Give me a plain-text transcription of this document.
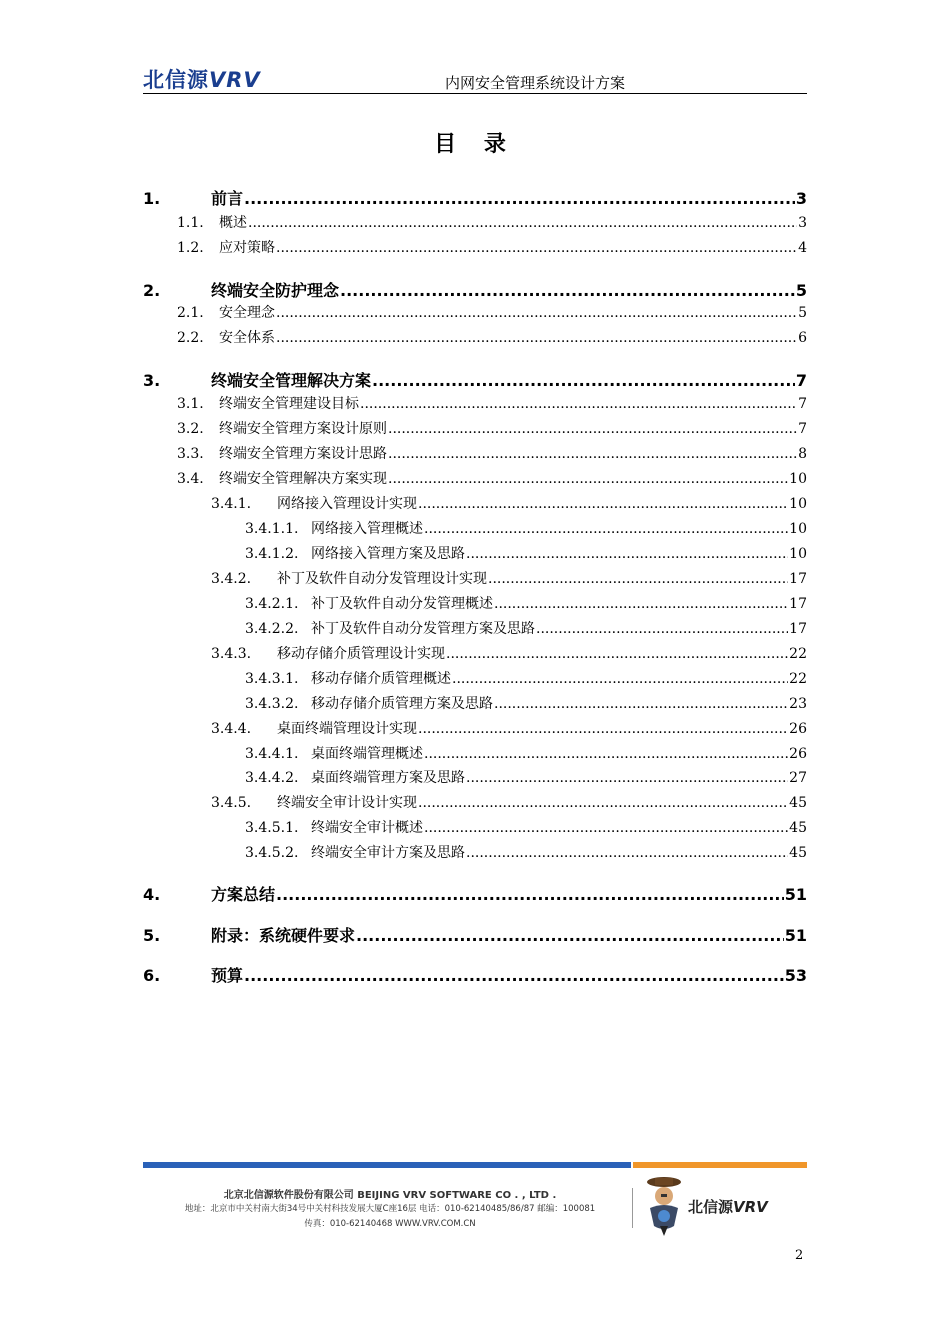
北信源VRV	内网安全管理系统设计方案
目 录
1.	前言 .....	3
1.1.	概述 .....	3
1.2.	应对策略 .....	4
2.	终端安全防护理念 .....	5
2.1.	安全理念 .....	5
2.2.	安全体系 .....	6
3.	终端安全管理解决方案 .....	7
3.1.	终端安全管理建设目标 .....	7
3.2.	终端安全管理方案设计原则 .....	7
3.3.	终端安全管理方案设计思路 .....	8
3.4.	终端安全管理解决方案实现 .....	10
3.4.1.	网络接入管理设计实现 .....	10
3.4.1.1. 网络接入管理概述 .....	10
3.4.1.2. 网络接入管理方案及思路 .....	10
3.4.2.	补丁及软件自动分发管理设计实现 .....	17
3.4.2.1. 补丁及软件自动分发管理概述 .....	17
3.4.2.2. 补丁及软件自动分发管理方案及思路 .....	17
3.4.3.	移动存储介质管理设计实现 .....	22
3.4.3.1. 移动存储介质管理概述 .....	22
3.4.3.2. 移动存储介质管理方案及思路 .....	23
3.4.4.	桌面终端管理设计实现 .....	26
3.4.4.1. 桌面终端管理概述 .....	26
3.4.4.2. 桌面终端管理方案及思路 .....	27
3.4.5.	终端安全审计设计实现 .....	45
3.4.5.1. 终端安全审计概述 .....	45
3.4.5.2. 终端安全审计方案及思路 .....	45
4.	方案总结 .....	51
5.	附录：系统硬件要求 .....	51
6.	预算 .....	53
北京北信源软件股份有限公司 BEIJING VRV SOFTWARE CO . , LTD .
地址：北京市中关村南大街34号中关村科技发展大厦C座16层 电话：010-62140485/86/87 邮编：100081
传真：010-62140468 WWW.VRV.COM.CN
北信源VRV
2
